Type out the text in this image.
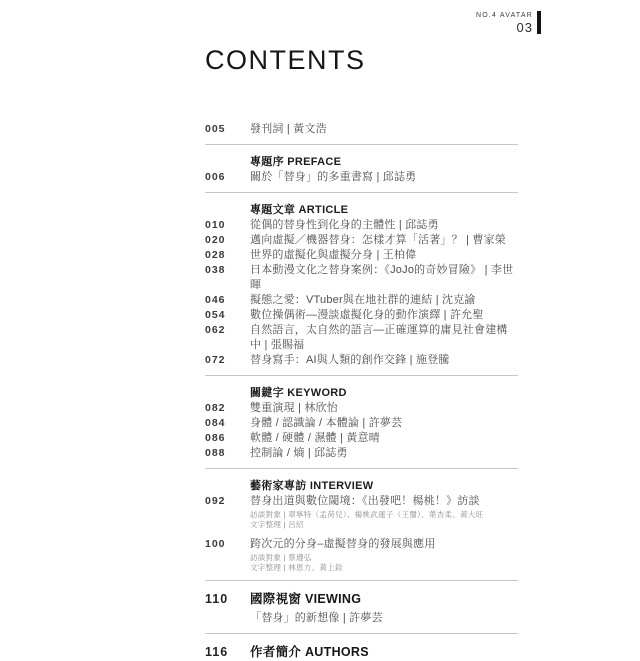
NO.4 AVATAR
03
CONTENTS
005	發刊詞 | 黃文浩
專題序 PREFACE
006	關於「替身」的多重書寫 | 邱誌勇
專題文章 ARTICLE
010	從偶的替身性到化身的主體性 | 邱誌勇
020	邁向虛擬／機器替身：怎樣才算「活著」？ | 曹家榮
028	世界的虛擬化與虛擬分身 | 王柏偉
038	日本動漫文化之替身案例：《JoJo的奇妙冒險》 | 李世暉
046	擬態之愛：VTuber與在地社群的連結 | 沈克諭
054	數位操偶術—漫談虛擬化身的動作演繹 | 許允聖
062	自然語言，太自然的語言—正確運算的庸見社會建構中 | 張賜福
072	替身寫手：AI與人類的創作交鋒 | 施登騰
關鍵字 KEYWORD
082	雙重演現 | 林欣怡
084	身體 / 認識論 / 本體論 | 許夢芸
086	軟體 / 硬體 / 濕體 | 黃意晴
088	控制論 / 熵 | 邱誌勇
藝術家專訪 INTERVIEW
092	替身出道與數位閾境：《出發吧！楊桃！》訪談
訪談對象 | 翠寧特（孟荷兒）、楊桃武蓮子（王璽）、葉杏柔、黃大旺
文字整理 | 呂紹
100	跨次元的分身–虛擬替身的發展與應用
訪談對象 | 蔡遵弘
文字整理 | 林恩方、黃上銓
110	國際視窗 VIEWING
「替身」的新想像 | 許夢芸
116	作者簡介 AUTHORS
